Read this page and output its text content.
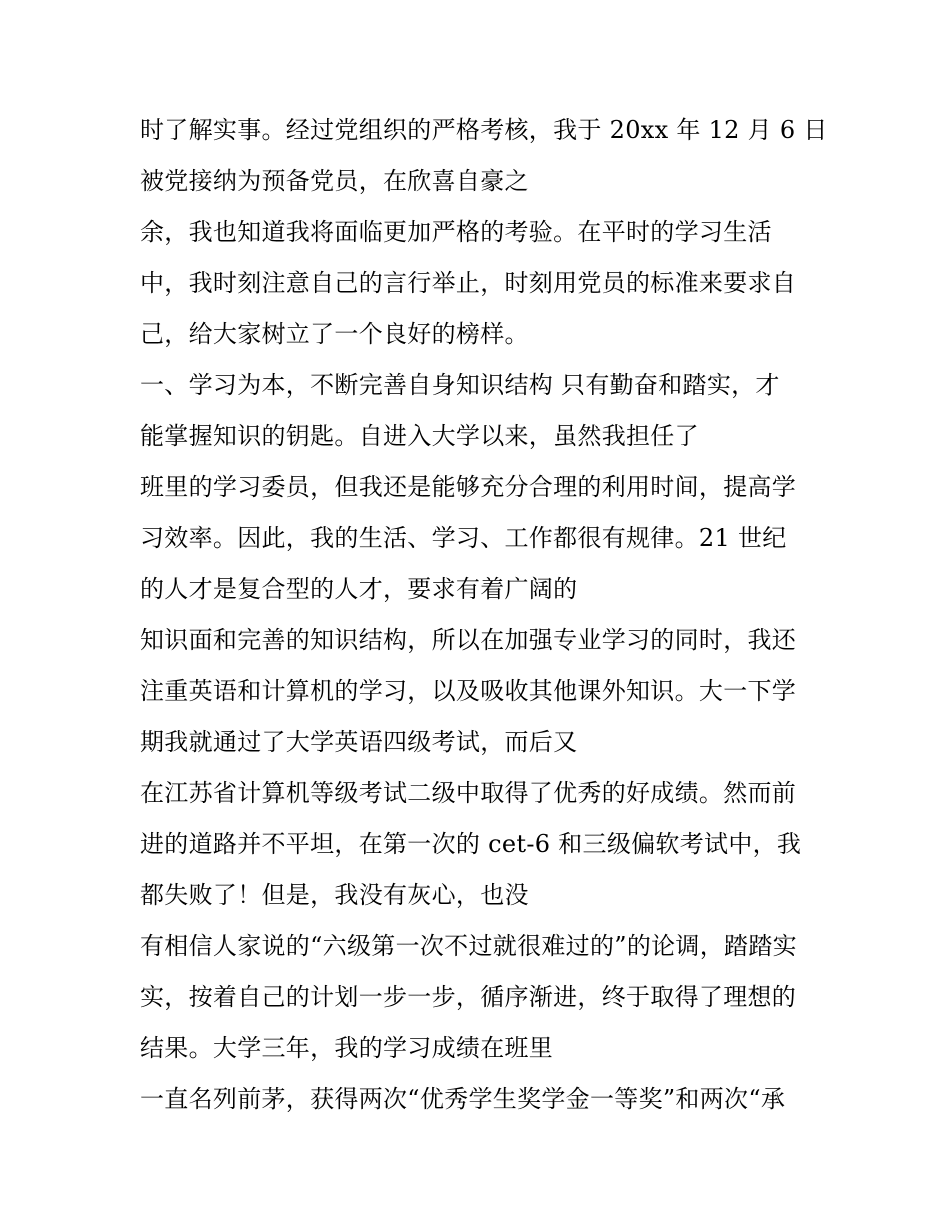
时了解实事。经过党组织的严格考核，我于 20xx 年 12 月 6 日
被党接纳为预备党员，在欣喜自豪之
余，我也知道我将面临更加严格的考验。在平时的学习生活
中，我时刻注意自己的言行举止，时刻用党员的标准来要求自
己，给大家树立了一个良好的榜样。
一、学习为本，不断完善自身知识结构 只有勤奋和踏实，才
能掌握知识的钥匙。自进入大学以来，虽然我担任了
班里的学习委员，但我还是能够充分合理的利用时间，提高学
习效率。因此，我的生活、学习、工作都很有规律。21 世纪
的人才是复合型的人才，要求有着广阔的
知识面和完善的知识结构，所以在加强专业学习的同时，我还
注重英语和计算机的学习，以及吸收其他课外知识。大一下学
期我就通过了大学英语四级考试，而后又
在江苏省计算机等级考试二级中取得了优秀的好成绩。然而前
进的道路并不平坦，在第一次的 cet-6 和三级偏软考试中，我
都失败了！但是，我没有灰心，也没
有相信人家说的“六级第一次不过就很难过的”的论调，踏踏实
实，按着自己的计划一步一步，循序渐进，终于取得了理想的
结果。大学三年，我的学习成绩在班里
一直名列前茅，获得两次“优秀学生奖学金一等奖”和两次“承
